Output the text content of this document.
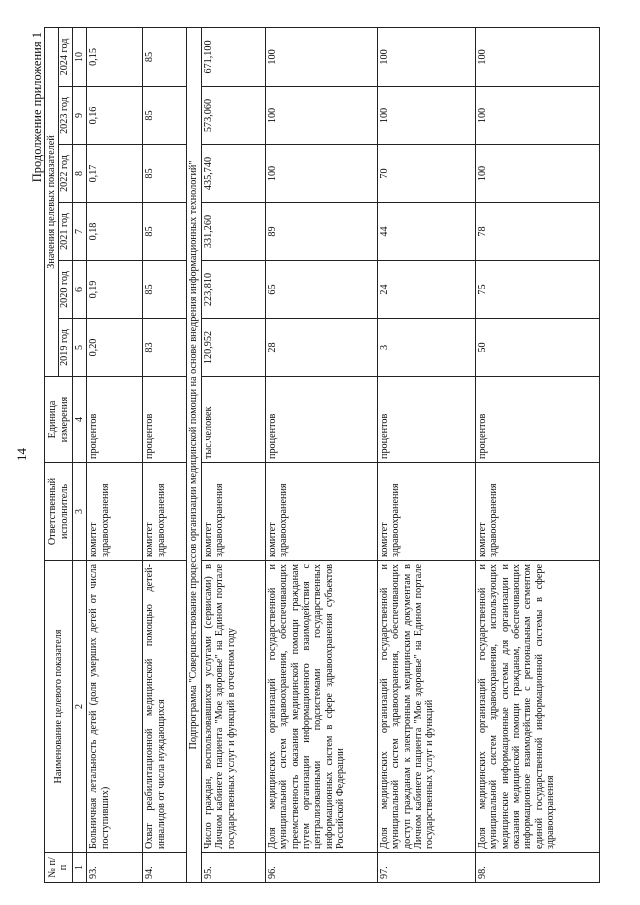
14
Продолжение приложения 1
№ п/п	Наименование целевого показателя	Ответственный исполнитель	Единица измерения	Значения целевых показателей					
				2019 год	2020 год	2021 год	2022 год	2023 год	2024 год
1	2	3	4	5	6	7	8	9	10
93.	Больничная летальность детей (доля умерших детей от числа поступивших)	комитет здравоохранения	процентов	0,20	0,19	0,18	0,17	0,16	0,15
94.	Охват реабилитационной медицинской помощью детей-инвалидов от числа нуждающихся	комитет здравоохранения	процентов	83	85	85	85	85	85
Подпрограмма "Совершенствование процессов организации медицинской помощи на основе внедрения информационных технологий"									
95.	Число граждан, воспользовавшихся услугами (сервисами) в Личном кабинете пациента "Мое здоровье" на Едином портале государственных услуг и функций в отчетном году	комитет здравоохранения	тыс.человек	120,952	223,810	331,260	435,740	573,060	671,100
96.	Доля медицинских организаций государственной и муниципальной систем здравоохранения, обеспечивающих преемственность оказания медицинской помощи гражданам путем организации информационного взаимодействия с централизованными подсистемами государственных информационных систем в сфере здравоохранения субъектов Российской Федерации	комитет здравоохранения	процентов	28	65	89	100	100	100
97.	Доля медицинских организаций государственной и муниципальной систем здравоохранения, обеспечивающих доступ гражданам к электронным медицинским документам в Личном кабинете пациента "Мое здоровье" на Едином портале государственных услуг и функций	комитет здравоохранения	процентов	3	24	44	70	100	100
98.	Доля медицинских организаций государственной и муниципальной систем здравоохранения, использующих медицинские информационные системы для организации и оказания медицинской помощи гражданам, обеспечивающих информационное взаимодействие с региональным сегментом единой государственной информационной системы в сфере здравоохранения	комитет здравоохранения	процентов	50	75	78	100	100	100
